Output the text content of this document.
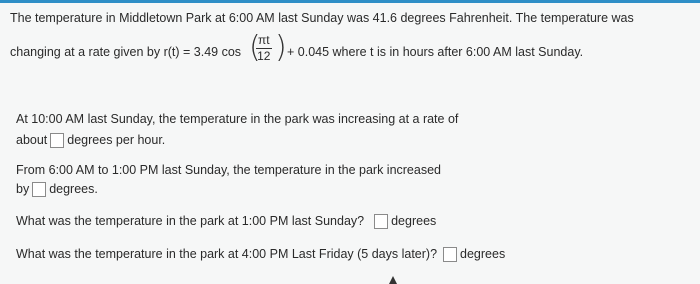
The temperature in Middletown Park at 6:00 AM last Sunday was 41.6 degrees Fahrenheit. The temperature was
changing at a rate given by r(t) = 3.49 cos (
$\frac{\pi t}{12}$ ) + 0.045 where t is in hours after 6:00 AM last Sunday.
At 10:00 AM last Sunday, the temperature in the park was increasing at a rate of
about degrees per hour.
From 6:00 AM to 1:00 PM last Sunday, the temperature in the park increased
by degrees.
What was the temperature in the park at 1:00 PM last Sunday? degrees
What was the temperature in the park at 4:00 PM Last Friday (5 days later)? degrees
